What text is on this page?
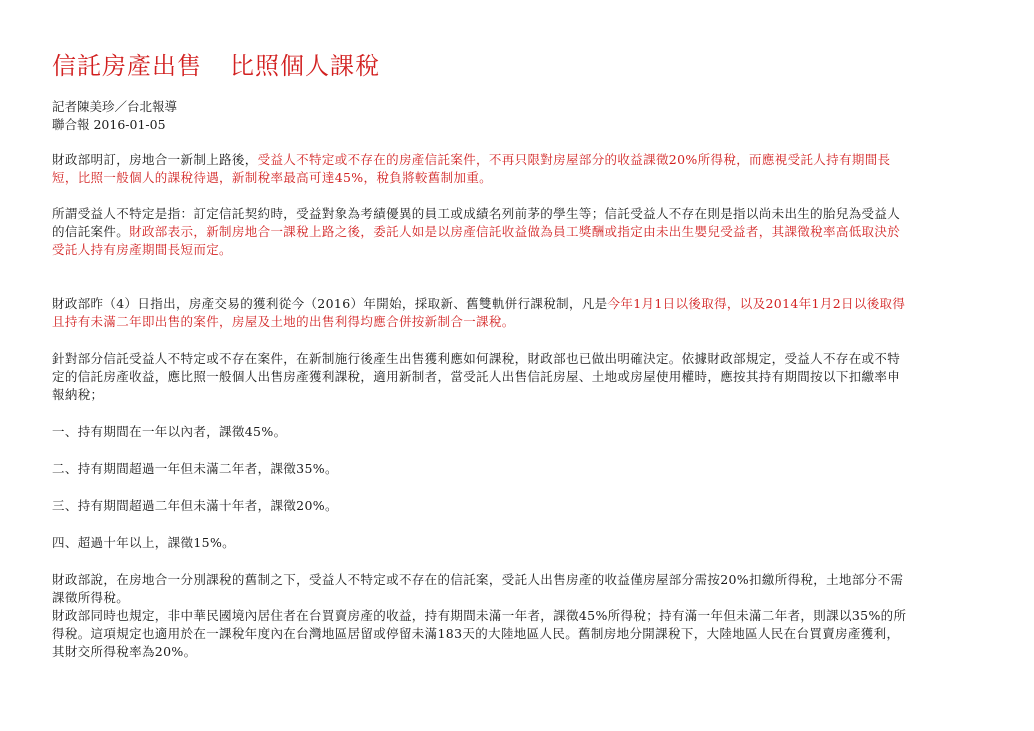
信託房產出售 比照個人課稅
記者陳美珍／台北報導
聯合報 2016-01-05

財政部明訂，房地合一新制上路後，受益人不特定或不存在的房產信託案件，不再只限對房屋部分的收益課徵20%所得稅，而應視受託人持有期間長短，比照一般個人的課稅待遇，新制稅率最高可達45%，稅負將較舊制加重。

所謂受益人不特定是指：訂定信託契約時，受益對象為考績優異的員工或成績名列前茅的學生等；信託受益人不存在則是指以尚未出生的胎兒為受益人的信託案件。財政部表示，新制房地合一課稅上路之後，委託人如是以房產信託收益做為員工獎酬或指定由未出生嬰兒受益者，其課徵稅率高低取決於受託人持有房產期間長短而定。

財政部昨（4）日指出，房產交易的獲利從今（2016）年開始，採取新、舊雙軌併行課稅制，凡是今年1月1日以後取得，以及2014年1月2日以後取得且持有未滿二年即出售的案件，房屋及土地的出售利得均應合併按新制合一課稅。

針對部分信託受益人不特定或不存在案件，在新制施行後產生出售獲利應如何課稅，財政部也已做出明確決定。依據財政部規定，受益人不存在或不特定的信託房產收益，應比照一般個人出售房產獲利課稅，適用新制者，當受託人出售信託房屋、土地或房屋使用權時，應按其持有期間按以下扣繳率申報納稅；

一、持有期間在一年以內者，課徵45%。

二、持有期間超過一年但未滿二年者，課徵35%。

三、持有期間超過二年但未滿十年者，課徵20%。

四、超過十年以上，課徵15%。

財政部說，在房地合一分別課稅的舊制之下，受益人不特定或不存在的信託案，受託人出售房產的收益僅房屋部分需按20%扣繳所得稅，土地部分不需課徵所得稅。

財政部同時也規定，非中華民國境內居住者在台買賣房產的收益，持有期間未滿一年者，課徵45%所得稅；持有滿一年但未滿二年者，則課以35%的所得稅。這項規定也適用於在一課稅年度內在台灣地區居留或停留未滿183天的大陸地區人民。舊制房地分開課稅下，大陸地區人民在台買賣房產獲利，其財交所得稅率為20%。
